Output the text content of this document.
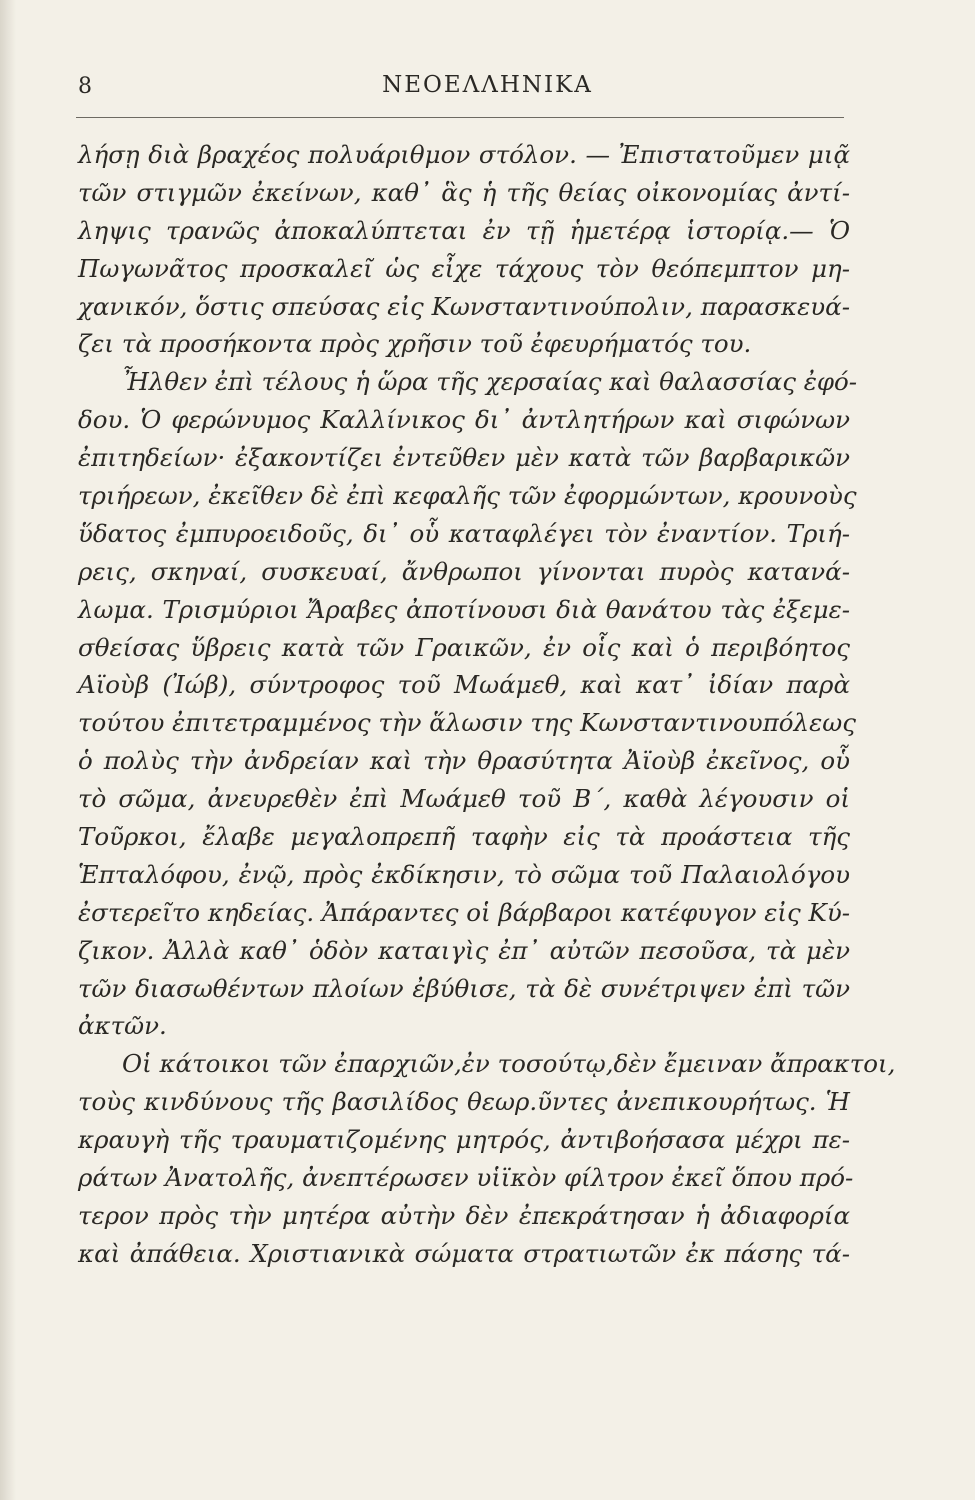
8	ΝΕΟΕΛΛΗΝΙΚΑ
λήσῃ διὰ βραχέος πολυάριθμον στόλον. — Ἐπιστατοῦμεν μιᾷ
τῶν στιγμῶν ἐκείνων, καθ᾿ ἃς ἡ τῆς θείας οἰκονομίας ἀντί-
ληψις τρανῶς ἀποκαλύπτεται ἐν τῇ ἡμετέρᾳ ἱστορίᾳ.— Ὁ
Πωγωνᾶτος προσκαλεῖ ὡς εἶχε τάχους τὸν θεόπεμπτον μη-
χανικόν, ὅστις σπεύσας εἰς Κωνσταντινούπολιν, παρασκευά-
ζει τὰ προσήκοντα πρὸς χρῆσιν τοῦ ἐφευρήματός του.
Ἦλθεν ἐπὶ τέλους ἡ ὥρα τῆς χερσαίας καὶ θαλασσίας ἐφό-
δου. Ὁ φερώνυμος Καλλίνικος δι᾿ ἀντλητήρων καὶ σιφώνων
ἐπιτηδείων· ἐξακοντίζει ἐντεῦθεν μὲν κατὰ τῶν βαρβαρικῶν
τριήρεων, ἐκεῖθεν δὲ ἐπὶ κεφαλῆς τῶν ἐφορμώντων, κρουνοὺς
ὕδατος ἐμπυροειδοῦς, δι᾿ οὗ καταφλέγει τὸν ἐναντίον. Τριή-
ρεις, σκηναί, συσκευαί, ἄνθρωποι γίνονται πυρὸς κατανά-
λωμα. Τρισμύριοι Ἄραβες ἀποτίνουσι διὰ θανάτου τὰς ἐξεμε-
σθείσας ὕβρεις κατὰ τῶν Γραικῶν, ἐν οἷς καὶ ὁ περιβόητος
Αϊοὺβ (Ἰώβ), σύντροφος τοῦ Μωάμεθ, καὶ κατ᾿ ἰδίαν παρὰ
τούτου ἐπιτετραμμένος τὴν ἅλωσιν της Κωνσταντινουπόλεως
ὁ πολὺς τὴν ἀνδρείαν καὶ τὴν θρασύτητα Ἀϊοὺβ ἐκεῖνος, οὗ
τὸ σῶμα, ἀνευρεθὲν ἐπὶ Μωάμεθ τοῦ Β΄, καθὰ λέγουσιν οἱ
Τοῦρκοι, ἔλαβε μεγαλοπρεπῆ ταφὴν εἰς τὰ προάστεια τῆς
Ἑπταλόφου, ἐνῷ, πρὸς ἐκδίκησιν, τὸ σῶμα τοῦ Παλαιολόγου
ἐστερεῖτο κηδείας. Ἀπάραντες οἱ βάρβαροι κατέφυγον εἰς Κύ-
ζικον. Ἀλλὰ καθ᾿ ὁδὸν καταιγὶς ἐπ᾿ αὐτῶν πεσοῦσα, τὰ μὲν
τῶν διασωθέντων πλοίων ἐβύθισε, τὰ δὲ συνέτριψεν ἐπὶ τῶν
ἀκτῶν.
Οἱ κάτοικοι τῶν ἐπαρχιῶν,ἐν τοσούτῳ,δὲν ἔμειναν ἄπρακτοι,
τοὺς κινδύνους τῆς βασιλίδος θεωρ.ῦντες ἀνεπικουρήτως. Ἡ
κραυγὴ τῆς τραυματιζομένης μητρός, ἀντιβοήσασα μέχρι πε-
ράτων Ἀνατολῆς, ἀνεπτέρωσεν υἱϊκὸν φίλτρον ἐκεῖ ὅπου πρό-
τερον πρὸς τὴν μητέρα αὐτὴν δὲν ἐπεκράτησαν ἡ ἀδιαφορία
καὶ ἀπάθεια. Χριστιανικὰ σώματα στρατιωτῶν ἐκ πάσης τά-
